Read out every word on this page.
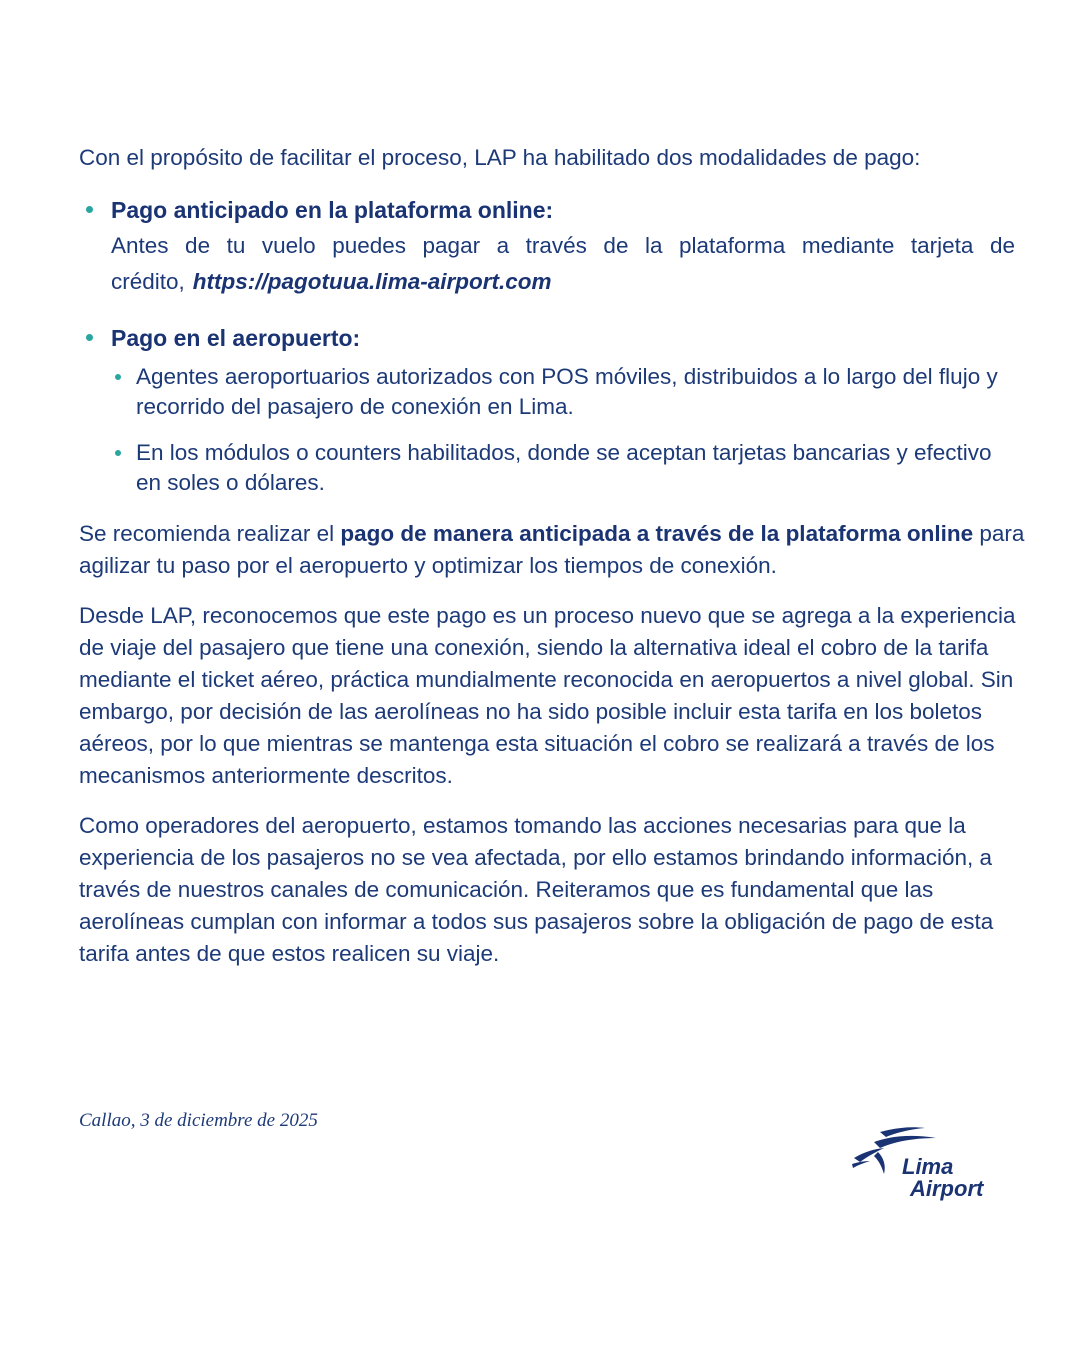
Con el propósito de facilitar el proceso, LAP ha habilitado dos modalidades de pago:

Pago anticipado en la plataforma online:

Antes de tu vuelo puedes pagar a través de la plataforma mediante tarjeta de crédito, https://pagotuua.lima-airport.com

Pago en el aeropuerto:
Agentes aeroportuarios autorizados con POS móviles, distribuidos a lo largo del flujo y recorrido del pasajero de conexión en Lima.
En los módulos o counters habilitados, donde se aceptan tarjetas bancarias y efectivo en soles o dólares.

Se recomienda realizar el pago de manera anticipada a través de la plataforma online para agilizar tu paso por el aeropuerto y optimizar los tiempos de conexión.

Desde LAP, reconocemos que este pago es un proceso nuevo que se agrega a la experiencia de viaje del pasajero que tiene una conexión, siendo la alternativa ideal el cobro de la tarifa mediante el ticket aéreo, práctica mundialmente reconocida en aeropuertos a nivel global. Sin embargo, por decisión de las aerolíneas no ha sido posible incluir esta tarifa en los boletos aéreos, por lo que mientras se mantenga esta situación el cobro se realizará a través de los mecanismos anteriormente descritos.

Como operadores del aeropuerto, estamos tomando las acciones necesarias para que la experiencia de los pasajeros no se vea afectada, por ello estamos brindando información, a través de nuestros canales de comunicación. Reiteramos que es fundamental que las aerolíneas cumplan con informar a todos sus pasajeros sobre la obligación de pago de esta tarifa antes de que estos realicen su viaje.

Callao, 3 de diciembre de 2025
Lima
Airport
